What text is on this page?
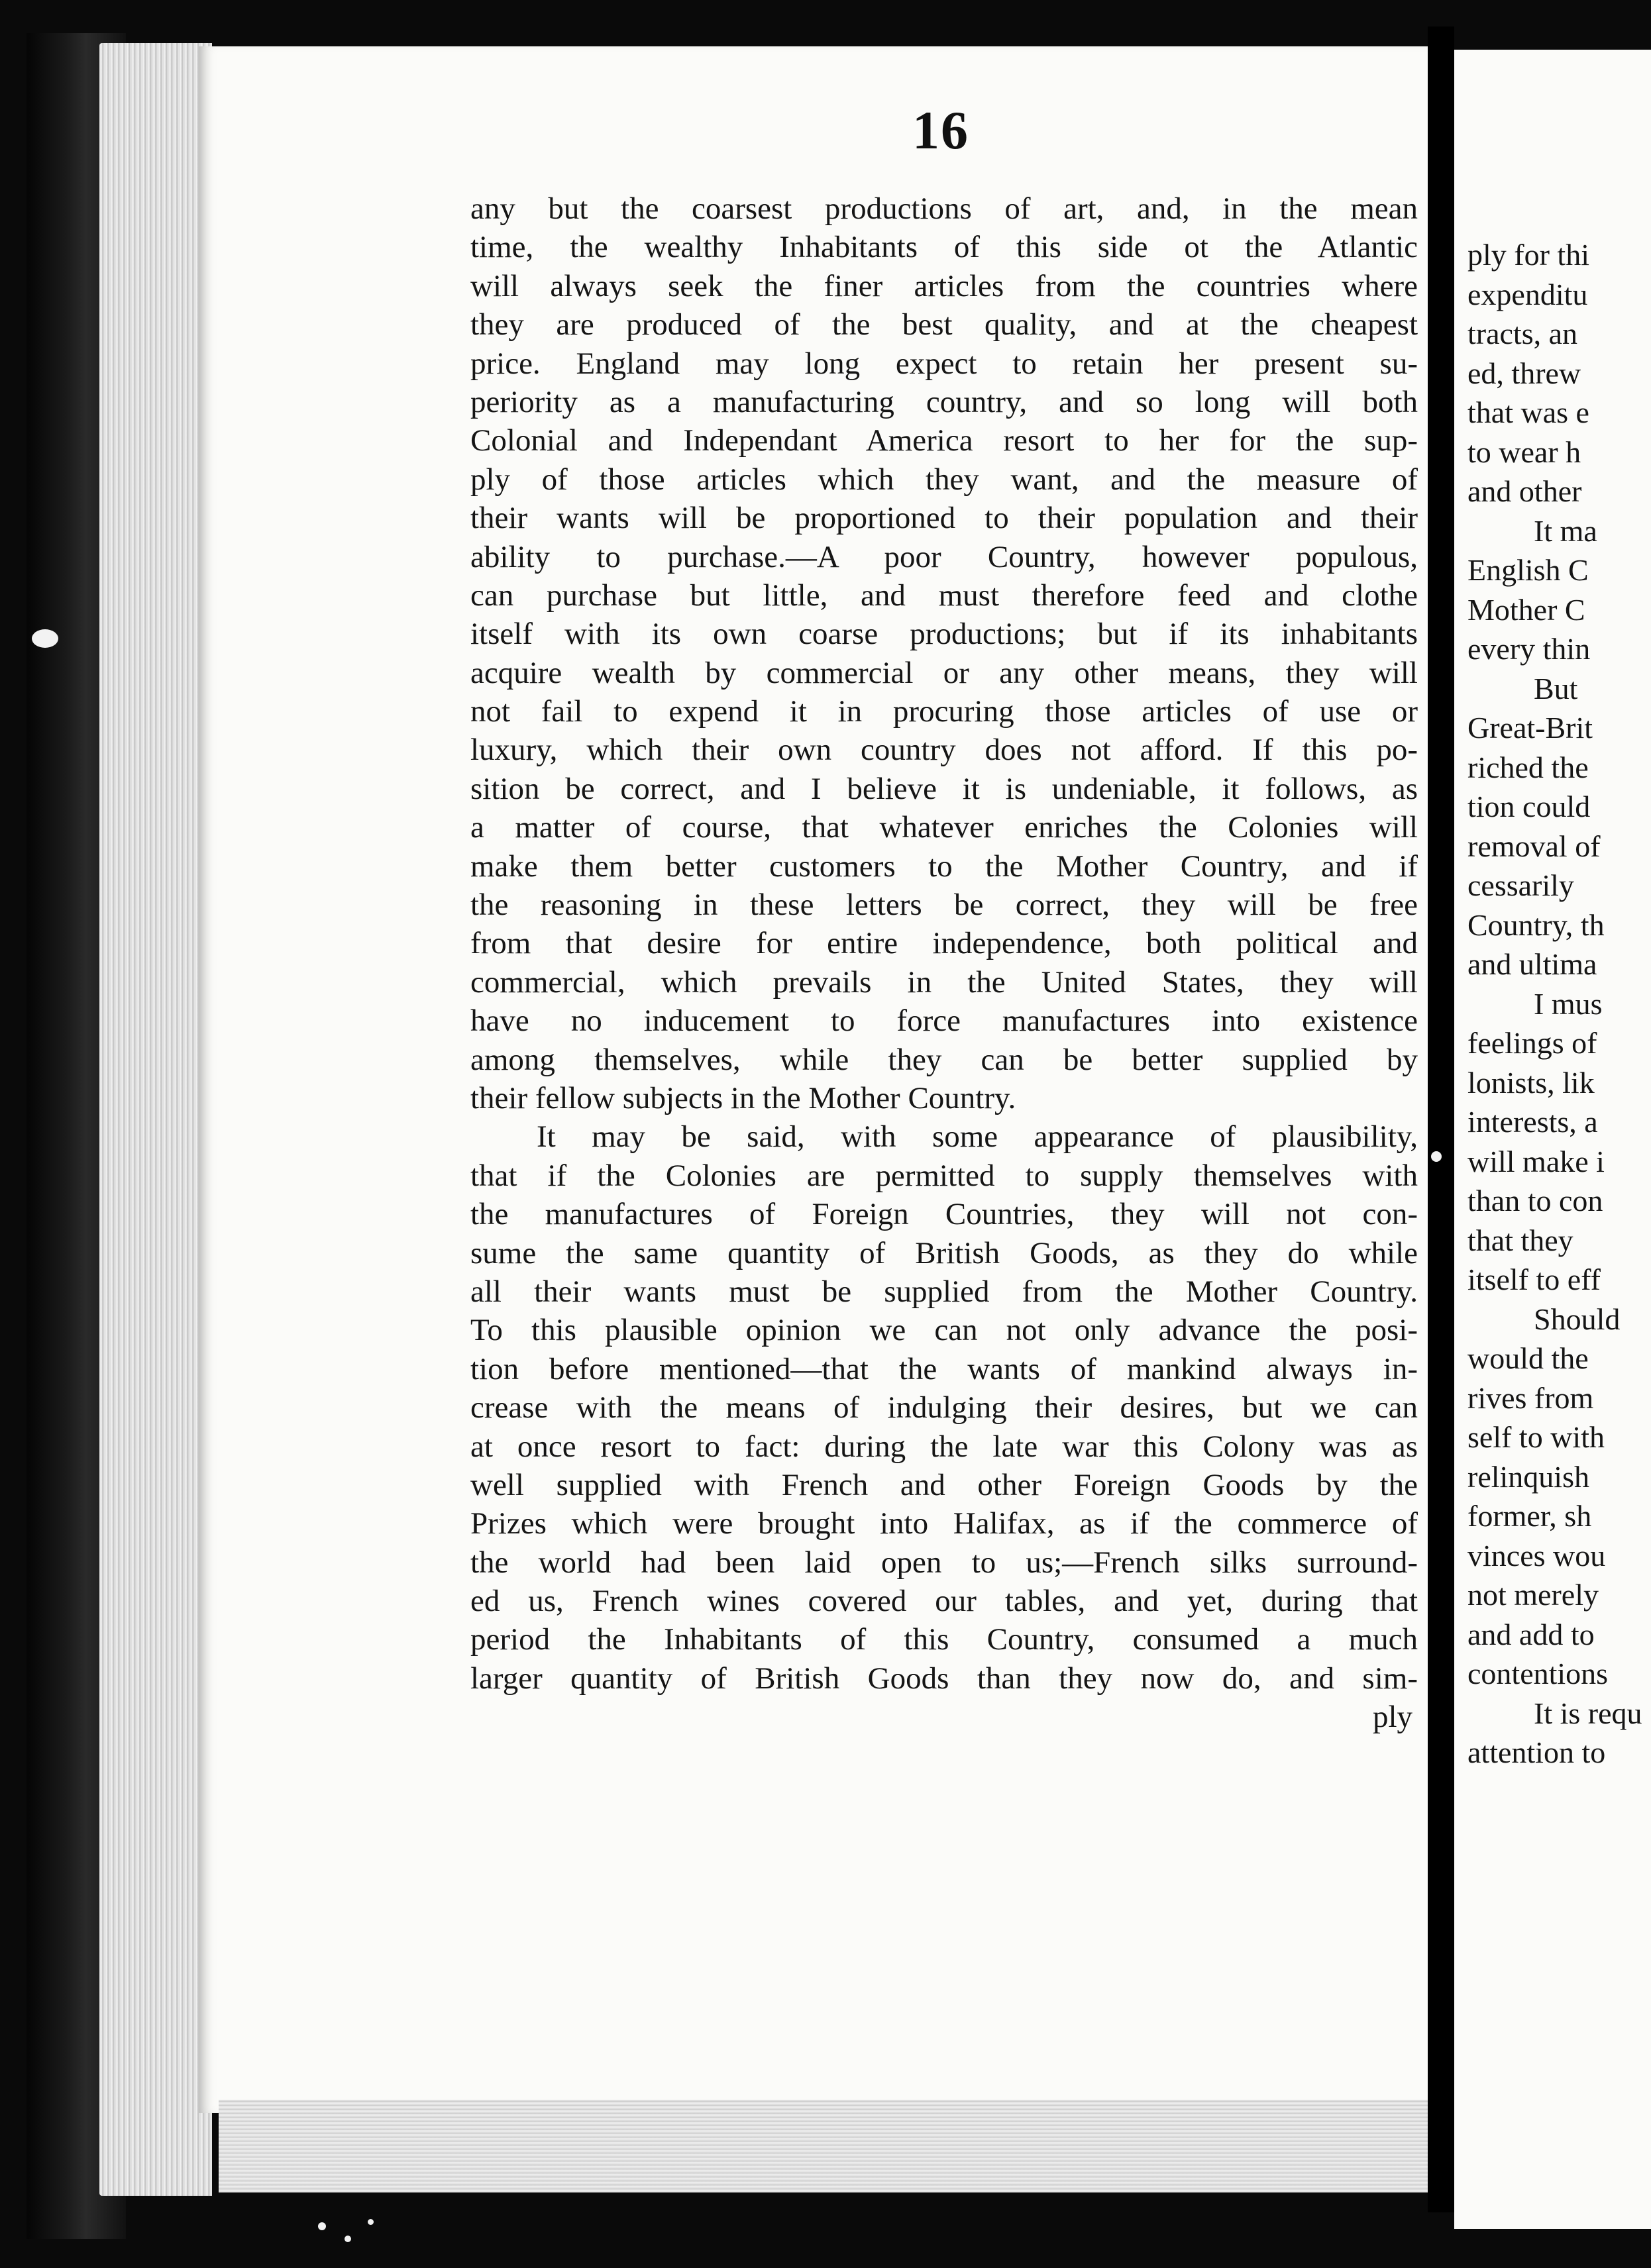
ply for thi
expenditu
tracts, an
ed, threw
that was e
to wear h
and other
It ma
English C
Mother C
every thin
But
Great-Brit
riched the
tion could
removal of
cessarily
Country, th
and ultima
I mus
feelings of
lonists, lik
interests, a
will make i
than to con
that they
itself to eff
Should
would the
rives from
self to with
relinquish
former, sh
vinces wou
not merely
and add to
contentions
It is requ
attention to
16
any but the coarsest productions of art, and, in the mean
time, the wealthy Inhabitants of this side ot the Atlantic
will always seek the finer articles from the countries where
they are produced of the best quality, and at the cheapest
price. England may long expect to retain her present su-
periority as a manufacturing country, and so long will both
Colonial and Independant America resort to her for the sup-
ply of those articles which they want, and the measure of
their wants will be proportioned to their population and their
ability to purchase.—A poor Country, however populous,
can purchase but little, and must therefore feed and clothe
itself with its own coarse productions; but if its inhabitants
acquire wealth by commercial or any other means, they will
not fail to expend it in procuring those articles of use or
luxury, which their own country does not afford. If this po-
sition be correct, and I believe it is undeniable, it follows, as
a matter of course, that whatever enriches the Colonies will
make them better customers to the Mother Country, and if
the reasoning in these letters be correct, they will be free
from that desire for entire independence, both political and
commercial, which prevails in the United States, they will
have no inducement to force manufactures into existence
among themselves, while they can be better supplied by
their fellow subjects in the Mother Country.
It may be said, with some appearance of plausibility,
that if the Colonies are permitted to supply themselves with
the manufactures of Foreign Countries, they will not con-
sume the same quantity of British Goods, as they do while
all their wants must be supplied from the Mother Country.
To this plausible opinion we can not only advance the posi-
tion before mentioned—that the wants of mankind always in-
crease with the means of indulging their desires, but we can
at once resort to fact: during the late war this Colony was as
well supplied with French and other Foreign Goods by the
Prizes which were brought into Halifax, as if the commerce of
the world had been laid open to us;—French silks surround-
ed us, French wines covered our tables, and yet, during that
period the Inhabitants of this Country, consumed a much
larger quantity of British Goods than they now do, and sim-
ply
